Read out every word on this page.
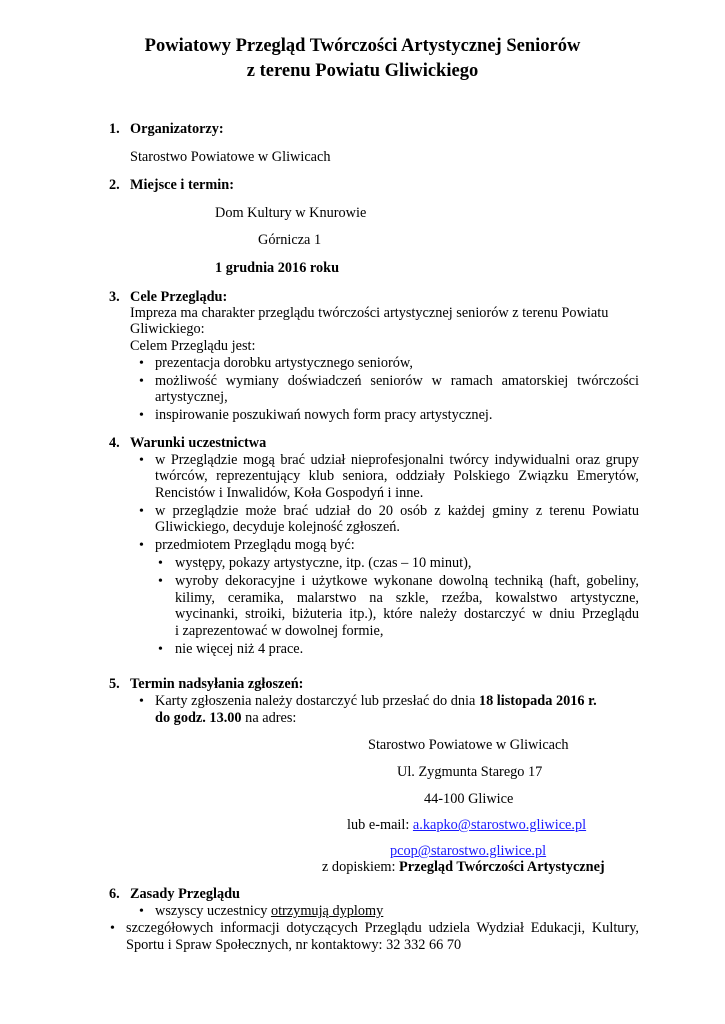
Powiatowy Przegląd Twórczości Artystycznej Seniorów
z terenu Powiatu Gliwickiego
1. Organizatorzy:
Starostwo Powiatowe w Gliwicach
2. Miejsce i termin:
Dom Kultury w Knurowie
Górnicza 1
1 grudnia 2016 roku
3. Cele Przeglądu:
Impreza ma charakter przeglądu twórczości artystycznej seniorów z terenu Powiatu
Gliwickiego:
Celem Przeglądu jest:
• prezentacja dorobku artystycznego seniorów,
• możliwość wymiany doświadczeń seniorów w ramach amatorskiej twórczości
artystycznej,
• inspirowanie poszukiwań nowych form pracy artystycznej.
4. Warunki uczestnictwa
• w Przeglądzie mogą brać udział nieprofesjonalni twórcy indywidualni oraz grupy
twórców, reprezentujący klub seniora, oddziały Polskiego Związku Emerytów,
Rencistów i Inwalidów, Koła Gospodyń i inne.
• w przeglądzie może brać udział do 20 osób z każdej gminy z terenu Powiatu
Gliwickiego, decyduje kolejność zgłoszeń.
• przedmiotem Przeglądu mogą być:
• występy, pokazy artystyczne, itp. (czas – 10 minut),
• wyroby dekoracyjne i użytkowe wykonane dowolną techniką (haft, gobeliny,
kilimy, ceramika, malarstwo na szkle, rzeźba, kowalstwo artystyczne,
wycinanki, stroiki, biżuteria itp.), które należy dostarczyć w dniu Przeglądu
i zaprezentować w dowolnej formie,
• nie więcej niż 4 prace.
5. Termin nadsyłania zgłoszeń:
• Karty zgłoszenia należy dostarczyć lub przesłać do dnia 18 listopada 2016 r.
do godz. 13.00 na adres:
Starostwo Powiatowe w Gliwicach
Ul. Zygmunta Starego 17
44-100 Gliwice
lub e-mail: a.kapko@starostwo.gliwice.pl
pcop@starostwo.gliwice.pl
z dopiskiem: Przegląd Twórczości Artystycznej
6. Zasady Przeglądu
• wszyscy uczestnicy otrzymują dyplomy
• szczegółowych informacji dotyczących Przeglądu udziela Wydział Edukacji, Kultury,
Sportu i Spraw Społecznych, nr kontaktowy: 32 332 66 70
